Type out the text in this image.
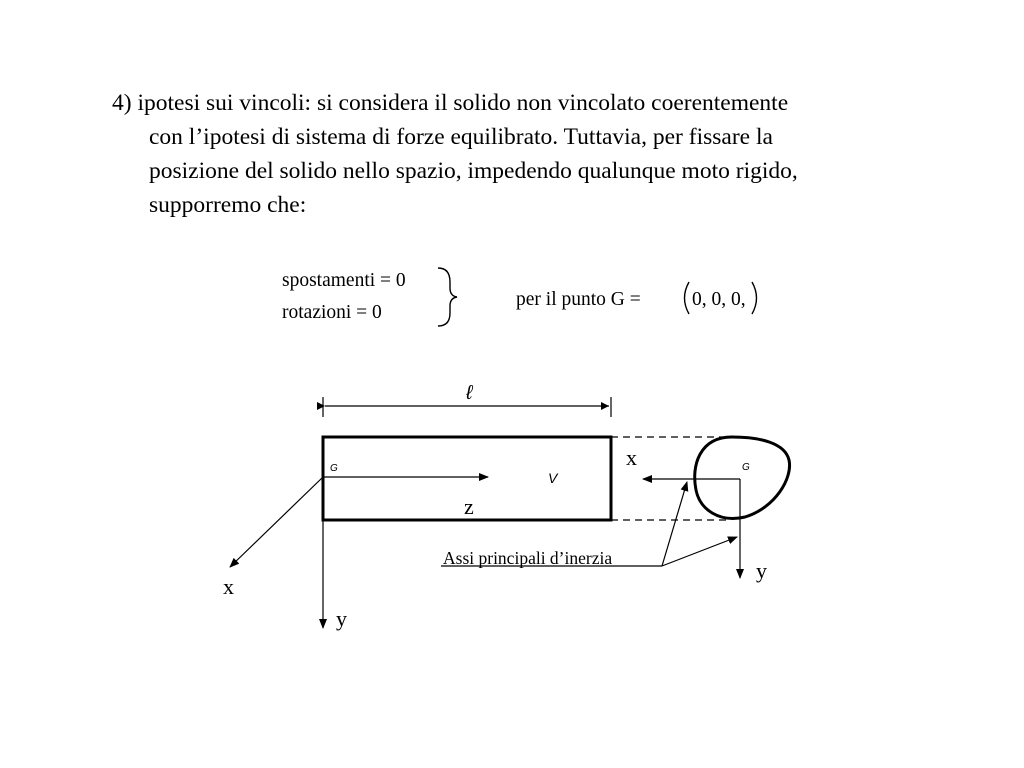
4) ipotesi sui vincoli: si considera il solido non vincolato coerentemente
con l’ipotesi di sistema di forze equilibrato. Tuttavia, per fissare la
posizione del solido nello spazio, impedendo qualunque moto rigido,
supporremo che:
spostamenti = 0
rotazioni = 0
ℓ
G
V
z
x	G
y
x
y
Assi principali d’inerzia
per il punto G = 0, 0, 0,
